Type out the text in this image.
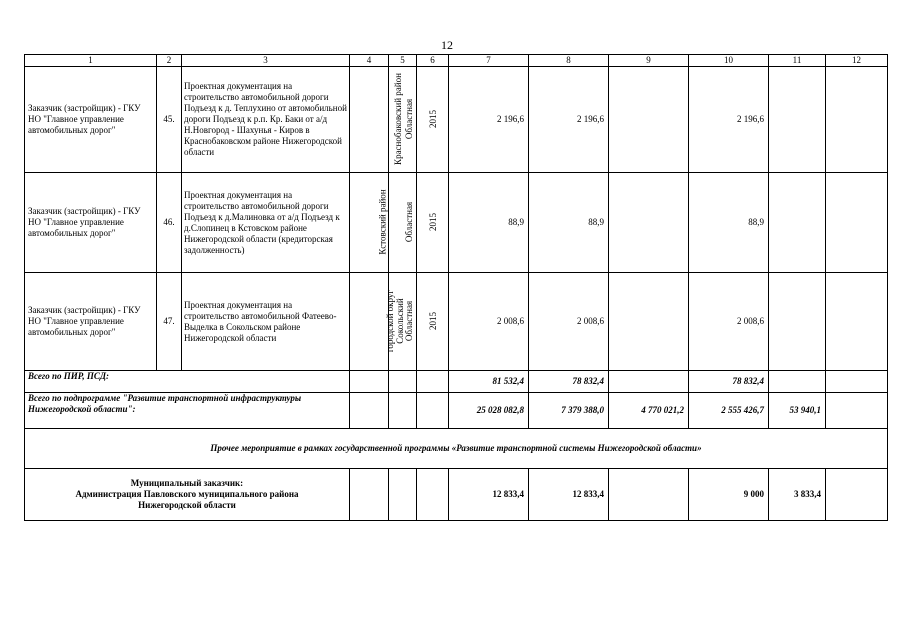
12
1	2	3	4	5	6	7	8	9	10	11	12
Заказчик (застройщик) - ГКУ НО "Главное управление автомобильных дорог"	45.	Проектная документация на строительство автомобильной дороги Подъезд к д. Теплухино от автомобильной дороги Подъезд к р.п. Кр. Баки от а/д Н.Новгород - Шахунья - Киров в Краснобаковском районе Нижегородской области	Краснобаковский район	Областная	2015	2 196,6	2 196,6		2 196,6		
Заказчик (застройщик) - ГКУ НО "Главное управление автомобильных дорог"	46.	Проектная документация на строительство автомобильной дороги Подъезд к д.Малиновка от а/д Подъезд к д.Слопинец в Кстовском районе Нижегородской области (кредиторская задолженность)	Кстовский район	Областная	2015	88,9	88,9		88,9		
Заказчик (застройщик) - ГКУ НО "Главное управление автомобильных дорог"	47.	Проектная документация на строительство автомобильной Фатеево-Выделка в Сокольском районе Нижегородской области	городской округ Сокольский	Областная	2015	2 008,6	2 008,6		2 008,6		
Всего по ПИР, ПСД:						81 532,4	78 832,4		78 832,4		
Всего по подпрограмме "Развитие транспортной инфраструктуры Нижегородской области":						25 028 082,8	7 379 388,0	4 770 021,2	2 555 426,7	53 940,1	
Прочее мероприятие в рамках государственной программы «Развитие транспортной системы Нижегородской области»											

Муниципальный заказчик:
Администрация Павловского муниципального района
Нижегородской области						12 833,4	12 833,4		9 000	3 833,4	
